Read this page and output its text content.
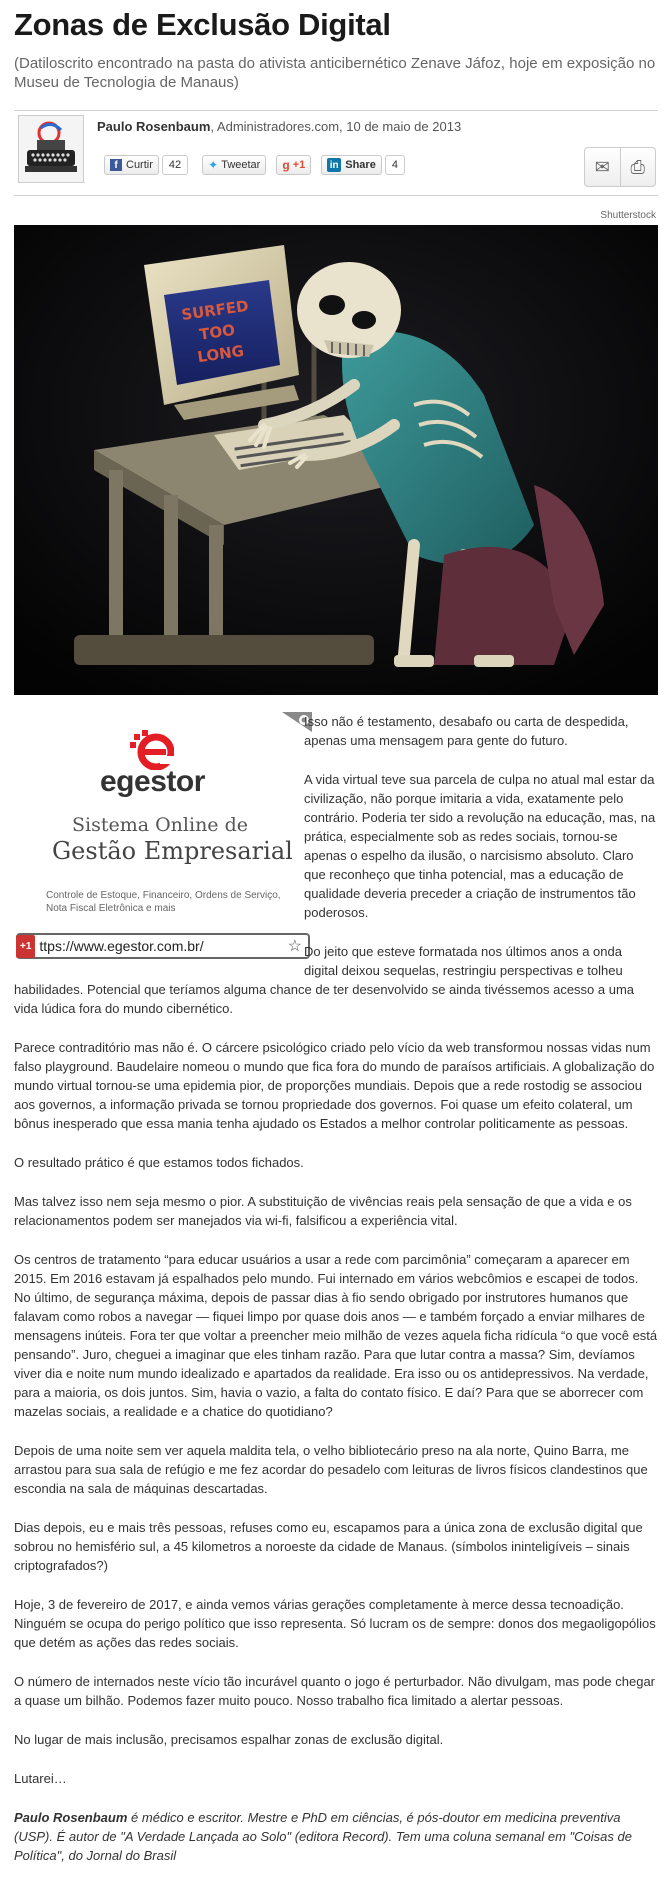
Zonas de Exclusão Digital

(Datiloscrito encontrado na pasta do ativista anticibernético Zenave Jáfoz, hoje em exposição no Museu de Tecnologia de Manaus)

Paulo Rosenbaum, Administradores.com, 10 de maio de 2013
f Curtir	42	✦ Tweetar g +1 in Share	4	✉	⎙
Shutterstock
SURFED
TOO
LONG
egestor
Sistema Online de
Gestão Empresarial
Controle de Estoque, Financeiro, Ordens de Serviço, Nota Fiscal Eletrônica e mais
+1 ttps://www.egestor.com.br/	☆

Isso não é testamento, desabafo ou carta de despedida, apenas uma mensagem para gente do futuro.

A vida virtual teve sua parcela de culpa no atual mal estar da civilização, não porque imitaria a vida, exatamente pelo contrário. Poderia ter sido a revolução na educação, mas, na prática, especialmente sob as redes sociais, tornou-se apenas o espelho da ilusão, o narcisismo absoluto. Claro que reconheço que tinha potencial, mas a educação de qualidade deveria preceder a criação de instrumentos tão poderosos.

Do jeito que esteve formatada nos últimos anos a onda digital deixou sequelas, restringiu perspectivas e tolheu habilidades. Potencial que teríamos alguma chance de ter desenvolvido se ainda tivéssemos acesso a uma vida lúdica fora do mundo cibernético.

Parece contraditório mas não é. O cárcere psicológico criado pelo vício da web transformou nossas vidas num falso playground. Baudelaire nomeou o mundo que fica fora do mundo de paraísos artificiais. A globalização do mundo virtual tornou-se uma epidemia pior, de proporções mundiais. Depois que a rede rostodig se associou aos governos, a informação privada se tornou propriedade dos governos. Foi quase um efeito colateral, um bônus inesperado que essa mania tenha ajudado os Estados a melhor controlar politicamente as pessoas.

O resultado prático é que estamos todos fichados.

Mas talvez isso nem seja mesmo o pior. A substituição de vivências reais pela sensação de que a vida e os relacionamentos podem ser manejados via wi-fi, falsificou a experiência vital.

Os centros de tratamento “para educar usuários a usar a rede com parcimônia” começaram a aparecer em 2015. Em 2016 estavam já espalhados pelo mundo. Fui internado em vários webcômios e escapei de todos. No último, de segurança máxima, depois de passar dias à fio sendo obrigado por instrutores humanos que falavam como robos a navegar — fiquei limpo por quase dois anos — e também forçado a enviar milhares de mensagens inúteis. Fora ter que voltar a preencher meio milhão de vezes aquela ficha ridícula “o que você está pensando”. Juro, cheguei a imaginar que eles tinham razão. Para que lutar contra a massa? Sim, devíamos viver dia e noite num mundo idealizado e apartados da realidade. Era isso ou os antidepressivos. Na verdade, para a maioria, os dois juntos. Sim, havia o vazio, a falta do contato físico. E daí? Para que se aborrecer com mazelas sociais, a realidade e a chatice do quotidiano?

Depois de uma noite sem ver aquela maldita tela, o velho bibliotecário preso na ala norte, Quino Barra, me arrastou para sua sala de refúgio e me fez acordar do pesadelo com leituras de livros físicos clandestinos que escondia na sala de máquinas descartadas.

Dias depois, eu e mais três pessoas, refuses como eu, escapamos para a única zona de exclusão digital que sobrou no hemisfério sul, a 45 kilometros a noroeste da cidade de Manaus. (símbolos ininteligíveis – sinais criptografados?)

Hoje, 3 de fevereiro de 2017, e ainda vemos várias gerações completamente à merce dessa tecnoadição. Ninguém se ocupa do perigo político que isso representa. Só lucram os de sempre: donos dos megaoligopólios que detém as ações das redes sociais.

O número de internados neste vício tão incurável quanto o jogo é perturbador. Não divulgam, mas pode chegar a quase um bilhão. Podemos fazer muito pouco. Nosso trabalho fica limitado a alertar pessoas.

No lugar de mais inclusão, precisamos espalhar zonas de exclusão digital.

Lutarei…

Paulo Rosenbaum é médico e escritor. Mestre e PhD em ciências, é pós-doutor em medicina preventiva (USP). É autor de "A Verdade Lançada ao Solo" (editora Record). Tem uma coluna semanal em "Coisas de Política", do Jornal do Brasil
